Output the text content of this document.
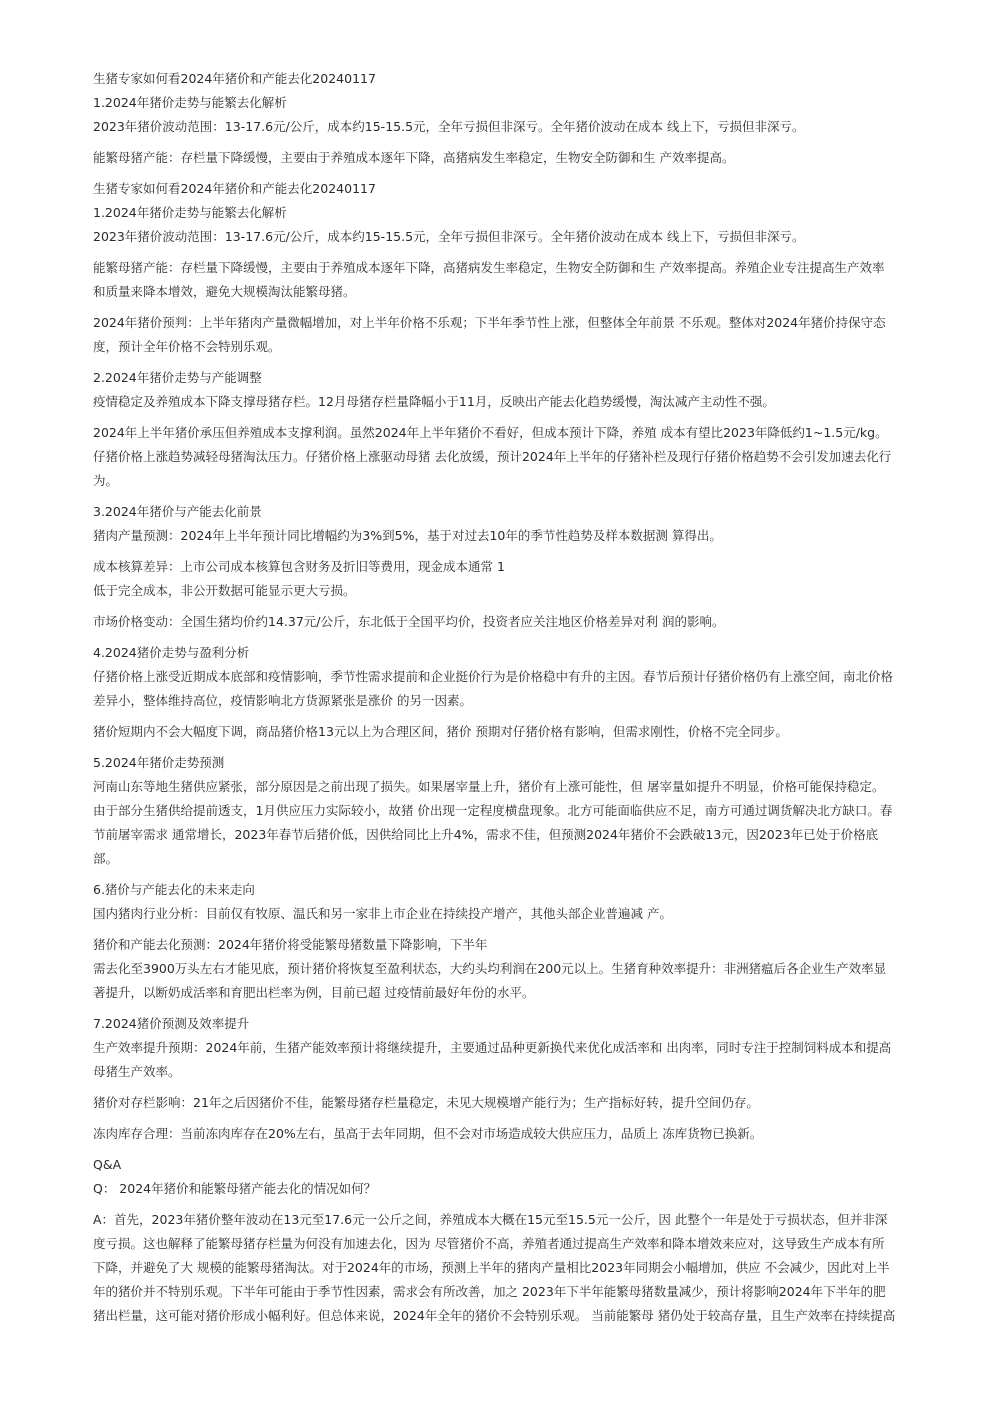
生猪专家如何看2024年猪价和产能去化20240117
1.2024年猪价走势与能繁去化解析
2023年猪价波动范围：13-17.6元/公斤，成本约15-15.5元，全年亏损但非深亏。全年猪价波动在成本 线上下，亏损但非深亏。
能繁母猪产能：存栏量下降缓慢，主要由于养殖成本逐年下降，高猪病发生率稳定，生物安全防御和生 产效率提高。
生猪专家如何看2024年猪价和产能去化20240117
1.2024年猪价走势与能繁去化解析
2023年猪价波动范围：13-17.6元/公斤，成本约15-15.5元，全年亏损但非深亏。全年猪价波动在成本 线上下，亏损但非深亏。
能繁母猪产能：存栏量下降缓慢，主要由于养殖成本逐年下降，高猪病发生率稳定，生物安全防御和生 产效率提高。养殖企业专注提高生产效率
和质量来降本增效，避免大规模淘汰能繁母猪。
2024年猪价预判：上半年猪肉产量微幅增加，对上半年价格不乐观；下半年季节性上涨，但整体全年前景 不乐观。整体对2024年猪价持保守态
度，预计全年价格不会特别乐观。
2.2024年猪价走势与产能调整
疫情稳定及养殖成本下降支撑母猪存栏。12月母猪存栏量降幅小于11月，反映出产能去化趋势缓慢，淘汰减产主动性不强。
2024年上半年猪价承压但养殖成本支撑利润。虽然2024年上半年猪价不看好，但成本预计下降，养殖 成本有望比2023年降低约1~1.5元/kg。
仔猪价格上涨趋势减轻母猪淘汰压力。仔猪价格上涨驱动母猪 去化放缓，预计2024年上半年的仔猪补栏及现行仔猪价格趋势不会引发加速去化行
为。
3.2024年猪价与产能去化前景
猪肉产量预测：2024年上半年预计同比增幅约为3%到5%，基于对过去10年的季节性趋势及样本数据测 算得出。
成本核算差异：上市公司成本核算包含财务及折旧等费用，现金成本通常 1
低于完全成本，非公开数据可能显示更大亏损。
市场价格变动：全国生猪均价约14.37元/公斤，东北低于全国平均价，投资者应关注地区价格差异对利 润的影响。
4.2024猪价走势与盈利分析
仔猪价格上涨受近期成本底部和疫情影响，季节性需求提前和企业挺价行为是价格稳中有升的主因。春节后预计仔猪价格仍有上涨空间，南北价格
差异小，整体维持高位，疫情影响北方货源紧张是涨价 的另一因素。
猪价短期内不会大幅度下调，商品猪价格13元以上为合理区间，猪价 预期对仔猪价格有影响，但需求刚性，价格不完全同步。
5.2024年猪价走势预测
河南山东等地生猪供应紧张，部分原因是之前出现了损失。如果屠宰量上升，猪价有上涨可能性，但 屠宰量如提升不明显，价格可能保持稳定。
由于部分生猪供给提前透支，1月供应压力实际较小，故猪 价出现一定程度横盘现象。北方可能面临供应不足，南方可通过调货解决北方缺口。春
节前屠宰需求 通常增长，2023年春节后猪价低，因供给同比上升4%，需求不佳，但预测2024年猪价不会跌破13元，因2023年已处于价格底
部。
6.猪价与产能去化的未来走向
国内猪肉行业分析：目前仅有牧原、温氏和另一家非上市企业在持续投产增产，其他头部企业普遍减 产。
猪价和产能去化预测：2024年猪价将受能繁母猪数量下降影响，下半年
需去化至3900万头左右才能见底，预计猪价将恢复至盈利状态，大约头均利润在200元以上。生猪育种效率提升：非洲猪瘟后各企业生产效率显
著提升，以断奶成活率和育肥出栏率为例，目前已超 过疫情前最好年份的水平。
7.2024猪价预测及效率提升
生产效率提升预期：2024年前，生猪产能效率预计将继续提升，主要通过品种更新换代来优化成活率和 出肉率，同时专注于控制饲料成本和提高
母猪生产效率。
猪价对存栏影响：21年之后因猪价不佳，能繁母猪存栏量稳定，未见大规模增产能行为；生产指标好转，提升空间仍存。
冻肉库存合理：当前冻肉库存在20%左右，虽高于去年同期，但不会对市场造成较大供应压力，品质上 冻库货物已换新。
Q&A
Q： 2024年猪价和能繁母猪产能去化的情况如何？
A：首先，2023年猪价整年波动在13元至17.6元一公斤之间，养殖成本大概在15元至15.5元一公斤，因 此整个一年是处于亏损状态，但并非深
度亏损。这也解释了能繁母猪存栏量为何没有加速去化，因为 尽管猪价不高，养殖者通过提高生产效率和降本增效来应对，这导致生产成本有所
下降，并避免了大 规模的能繁母猪淘汰。对于2024年的市场，预测上半年的猪肉产量相比2023年同期会小幅增加，供应 不会减少，因此对上半
年的猪价并不特别乐观。下半年可能由于季节性因素，需求会有所改善，加之 2023年下半年能繁母猪数量减少，预计将影响2024年下半年的肥
猪出栏量，这可能对猪价形成小幅利好。但总体来说，2024年全年的猪价不会特别乐观。 当前能繁母 猪仍处于较高存量，且生产效率在持续提高
